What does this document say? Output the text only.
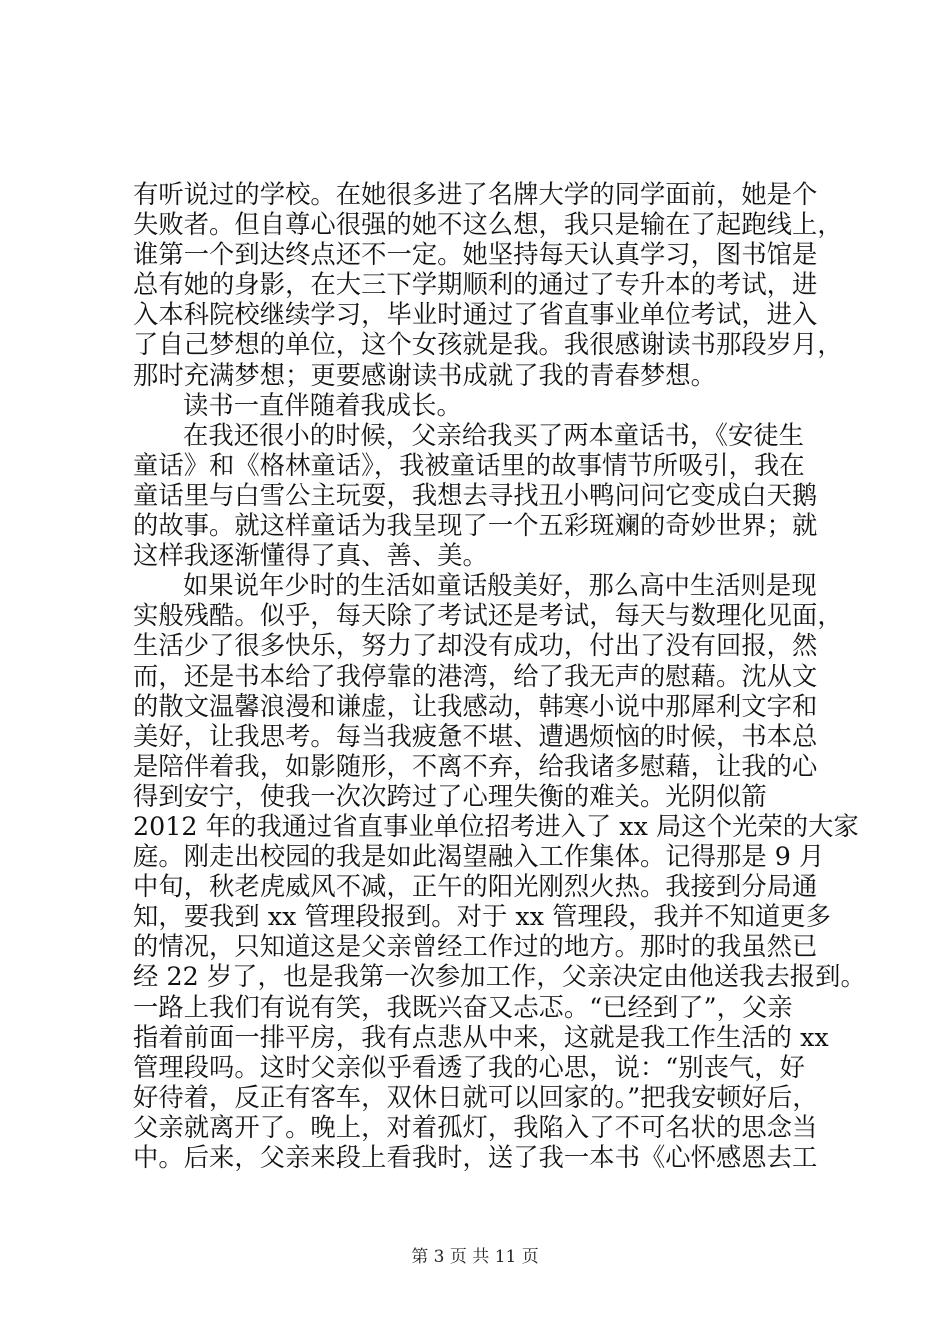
有听说过的学校。在她很多进了名牌大学的同学面前，她是个
失败者。但自尊心很强的她不这么想，我只是输在了起跑线上，
谁第一个到达终点还不一定。她坚持每天认真学习，图书馆是
总有她的身影，在大三下学期顺利的通过了专升本的考试，进
入本科院校继续学习，毕业时通过了省直事业单位考试，进入
了自己梦想的单位，这个女孩就是我。我很感谢读书那段岁月，
那时充满梦想；更要感谢读书成就了我的青春梦想。
读书一直伴随着我成长。
在我还很小的时候，父亲给我买了两本童话书，《安徒生
童话》和《格林童话》，我被童话里的故事情节所吸引，我在
童话里与白雪公主玩耍，我想去寻找丑小鸭问问它变成白天鹅
的故事。就这样童话为我呈现了一个五彩斑斓的奇妙世界；就
这样我逐渐懂得了真、善、美。
如果说年少时的生活如童话般美好，那么高中生活则是现
实般残酷。似乎，每天除了考试还是考试，每天与数理化见面，
生活少了很多快乐，努力了却没有成功，付出了没有回报，然
而，还是书本给了我停靠的港湾，给了我无声的慰藉。沈从文
的散文温馨浪漫和谦虚，让我感动，韩寒小说中那犀利文字和
美好，让我思考。每当我疲惫不堪、遭遇烦恼的时候，书本总
是陪伴着我，如影随形，不离不弃，给我诸多慰藉，让我的心
得到安宁，使我一次次跨过了心理失衡的难关。光阴似箭
2012 年的我通过省直事业单位招考进入了 xx 局这个光荣的大家
庭。刚走出校园的我是如此渴望融入工作集体。记得那是 9 月
中旬，秋老虎威风不减，正午的阳光刚烈火热。我接到分局通
知，要我到 xx 管理段报到。对于 xx 管理段，我并不知道更多
的情况，只知道这是父亲曾经工作过的地方。那时的我虽然已
经 22 岁了，也是我第一次参加工作，父亲决定由他送我去报到。
一路上我们有说有笑，我既兴奋又忐忑。“已经到了”，父亲
指着前面一排平房，我有点悲从中来，这就是我工作生活的 xx
管理段吗。这时父亲似乎看透了我的心思，说：“别丧气，好
好待着，反正有客车，双休日就可以回家的。”把我安顿好后，
父亲就离开了。晚上，对着孤灯，我陷入了不可名状的思念当
中。后来，父亲来段上看我时，送了我一本书《心怀感恩去工
第 3 页 共 11 页
